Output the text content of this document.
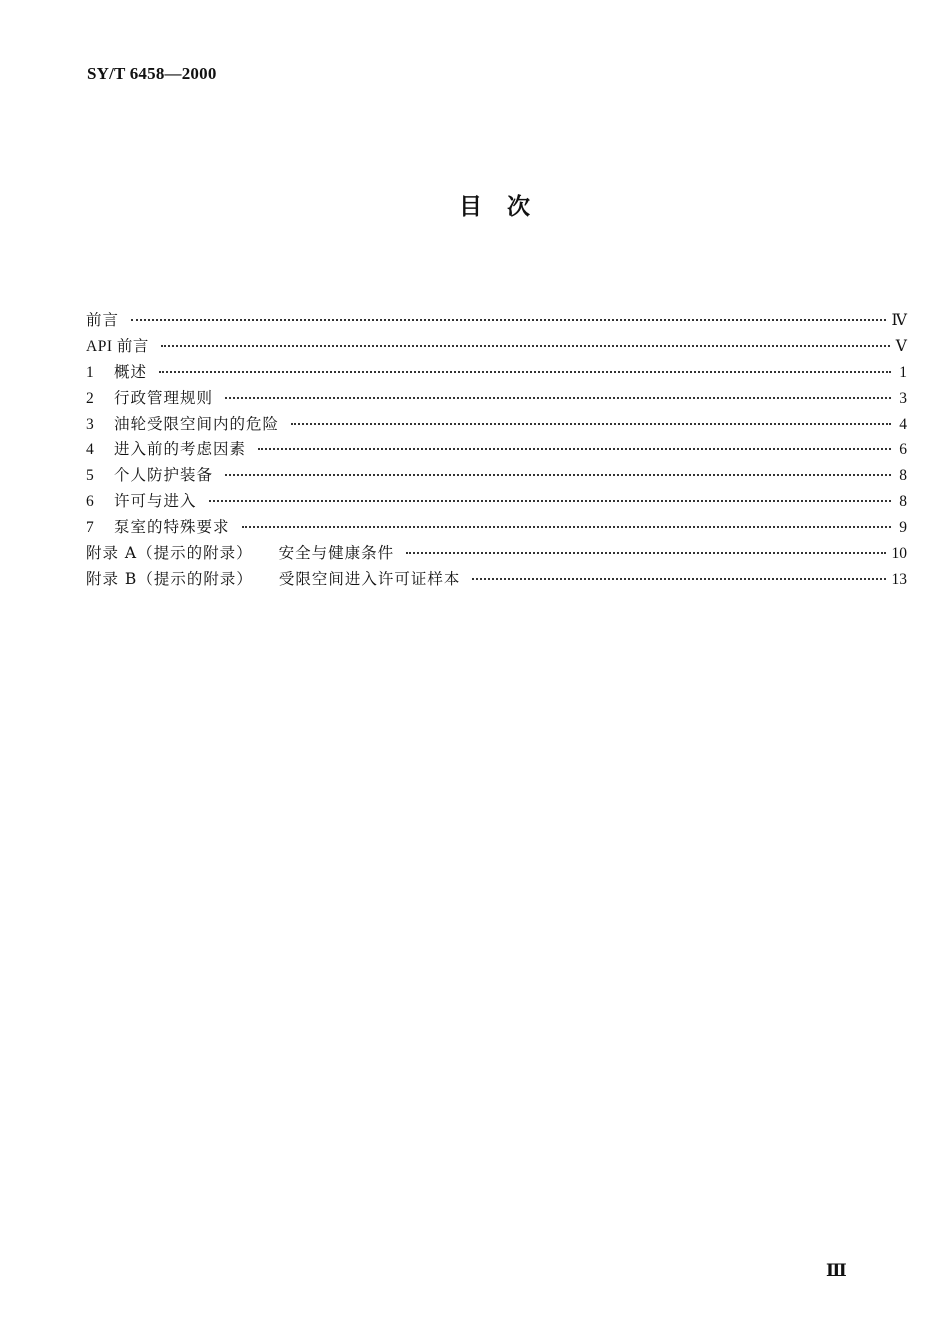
SY/T 6458—2000
目　次
前言	Ⅳ
API 前言	Ⅴ
1	概述	1
2	行政管理规则	3
3	油轮受限空间内的危险	4
4	进入前的考虑因素	6
5	个人防护装备	8
6	许可与进入	8
7	泵室的特殊要求	9
附录 A（提示的附录） 安全与健康条件	10
附录 B（提示的附录） 受限空间进入许可证样本	13
Ⅲ
